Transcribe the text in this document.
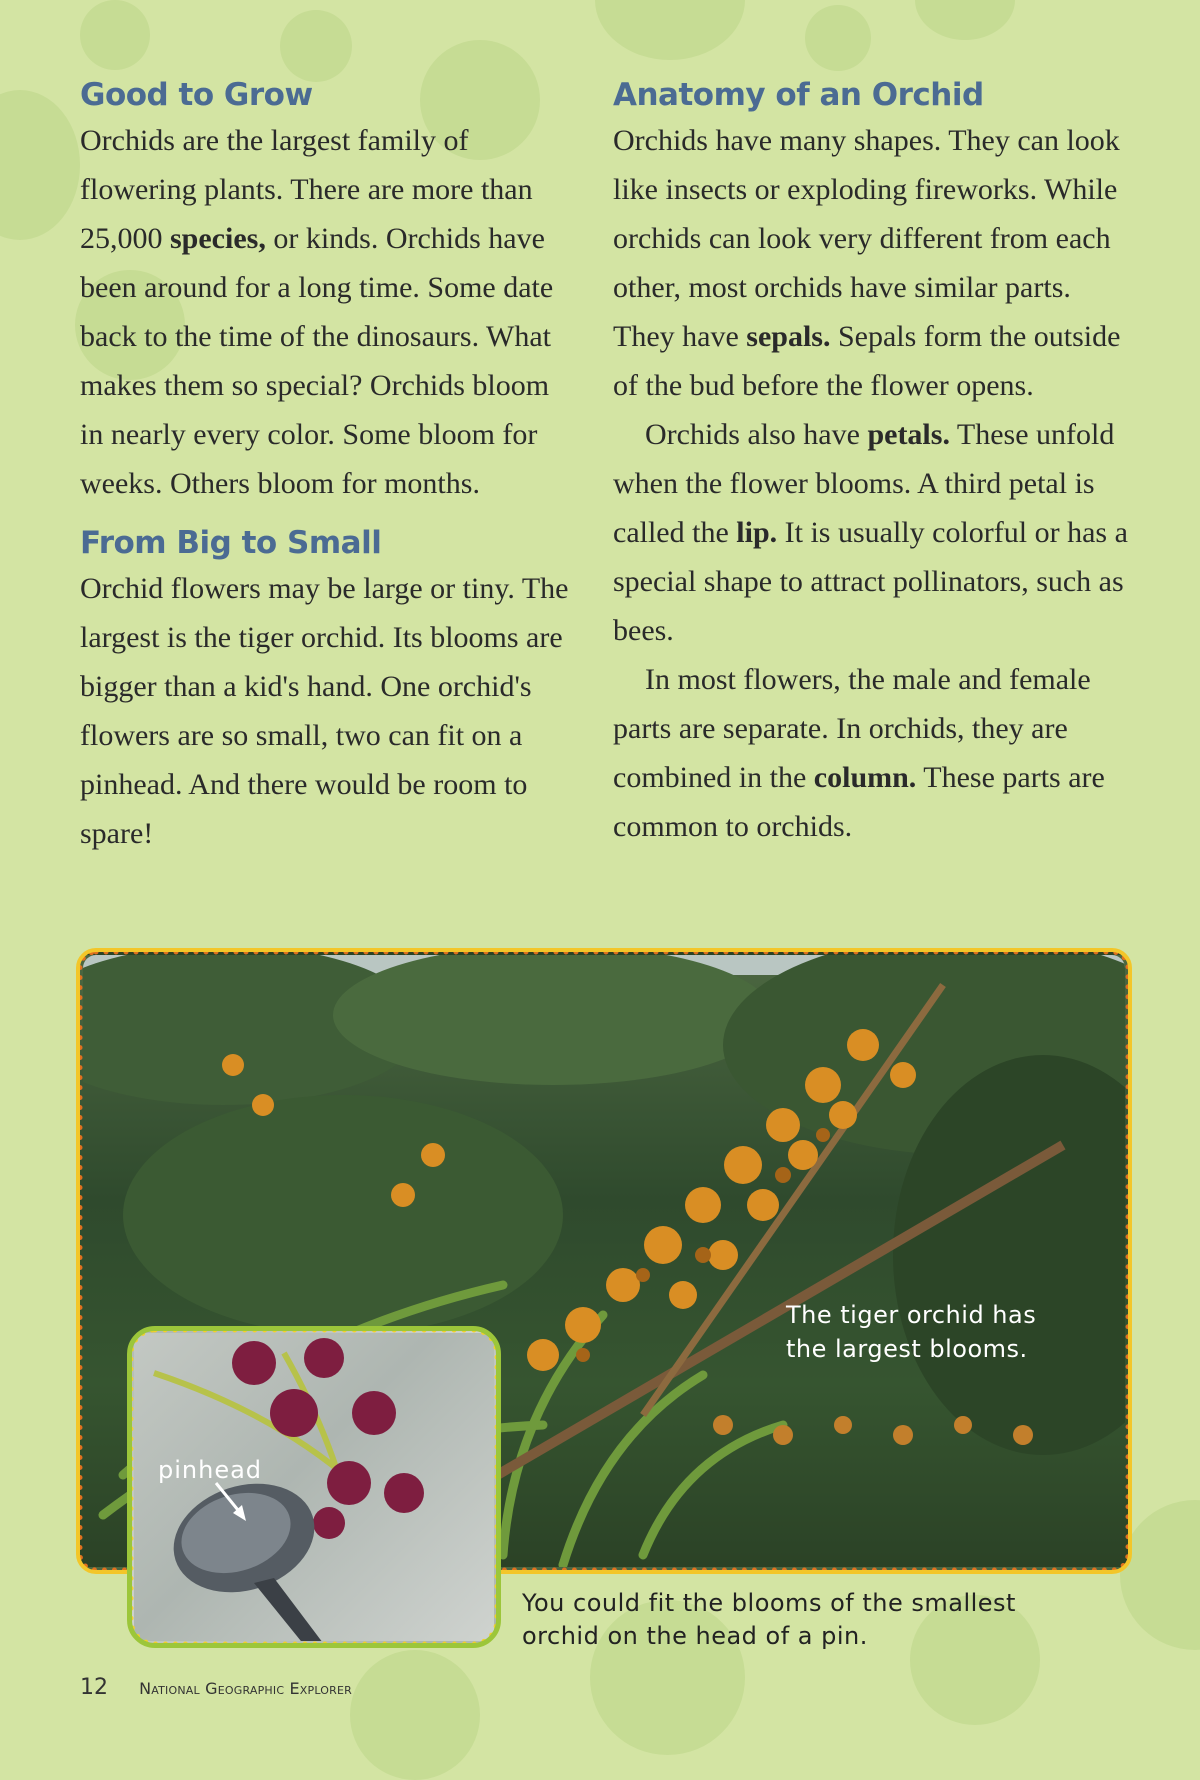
Good to Grow

Orchids are the largest family of flowering plants. There are more than 25,000 species, or kinds. Orchids have been around for a long time. Some date back to the time of the dinosaurs. What makes them so special? Orchids bloom in nearly every color. Some bloom for weeks. Others bloom for months.

From Big to Small

Orchid flowers may be large or tiny. The largest is the tiger orchid. Its blooms are bigger than a kid's hand. One orchid's flowers are so small, two can fit on a pinhead. And there would be room to spare!

Anatomy of an Orchid

Orchids have many shapes. They can look like insects or exploding fireworks. While orchids can look very different from each other, most orchids have similar parts. They have sepals. Sepals form the outside of the bud before the flower opens.

Orchids also have petals. These unfold when the flower blooms. A third petal is called the lip. It is usually colorful or has a special shape to attract pollinators, such as bees.

In most flowers, the male and female parts are separate. In orchids, they are combined in the column. These parts are common to orchids.

The tiger orchid has
the largest blooms.
pinhead
You could fit the blooms of the smallest
orchid on the head of a pin.
12 National Geographic Explorer
